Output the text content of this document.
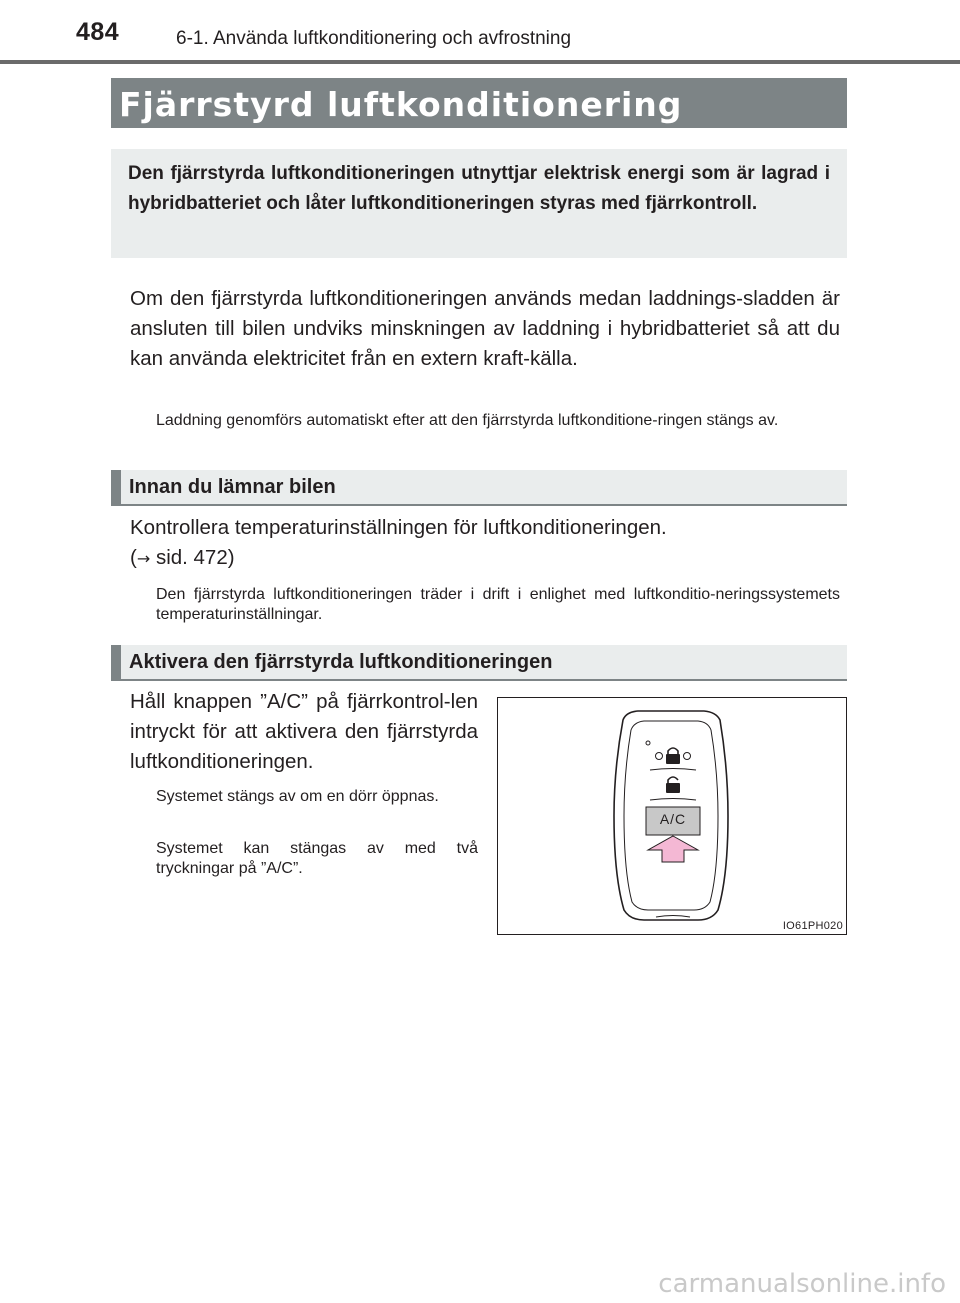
484	6-1. Använda luftkonditionering och avfrostning
Fjärrstyrd luftkonditionering

Den fjärrstyrda luftkonditioneringen utnyttjar elektrisk energi som är lagrad i hybridbatteriet och låter luftkonditioneringen styras med fjärrkontroll.

Om den fjärrstyrda luftkonditioneringen används medan laddnings-sladden är ansluten till bilen undviks minskningen av laddning i hybridbatteriet så att du kan använda elektricitet från en extern kraft-källa.

Laddning genomförs automatiskt efter att den fjärrstyrda luftkonditione-ringen stängs av.

Innan du lämnar bilen

Kontrollera temperaturinställningen för luftkonditioneringen.
(→ sid. 472)

Den fjärrstyrda luftkonditioneringen träder i drift i enlighet med luftkonditio-neringssystemets temperaturinställningar.

Aktivera den fjärrstyrda luftkonditioneringen

Håll knappen ”A/C” på fjärrkontrol-len intryckt för att aktivera den fjärrstyrda luftkonditioneringen.

Systemet stängs av om en dörr öppnas.

Systemet kan stängas av med två tryckningar på ”A/C”.

A/C
IO61PH020
carmanualsonline.info
